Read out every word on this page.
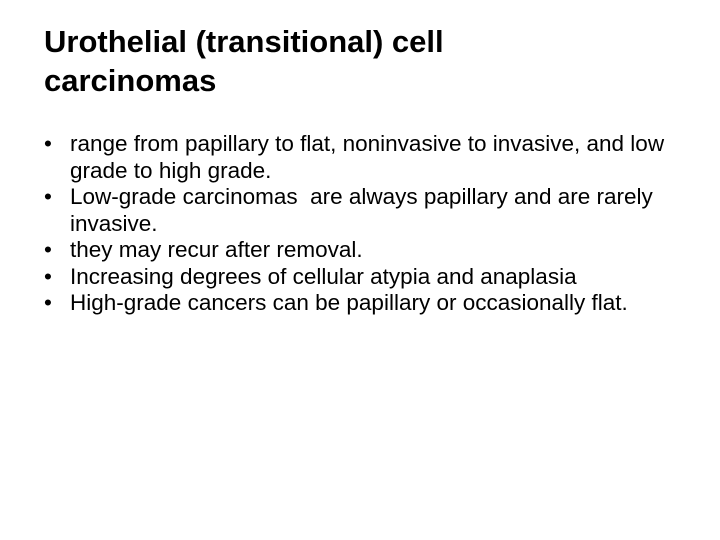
Urothelial (transitional) cell
carcinomas
• range from papillary to flat, noninvasive to invasive, and low grade to high grade.
• Low-grade carcinomas  are always papillary and are rarely invasive.
• they may recur after removal.
• Increasing degrees of cellular atypia and anaplasia
• High-grade cancers can be papillary or occasionally flat.
